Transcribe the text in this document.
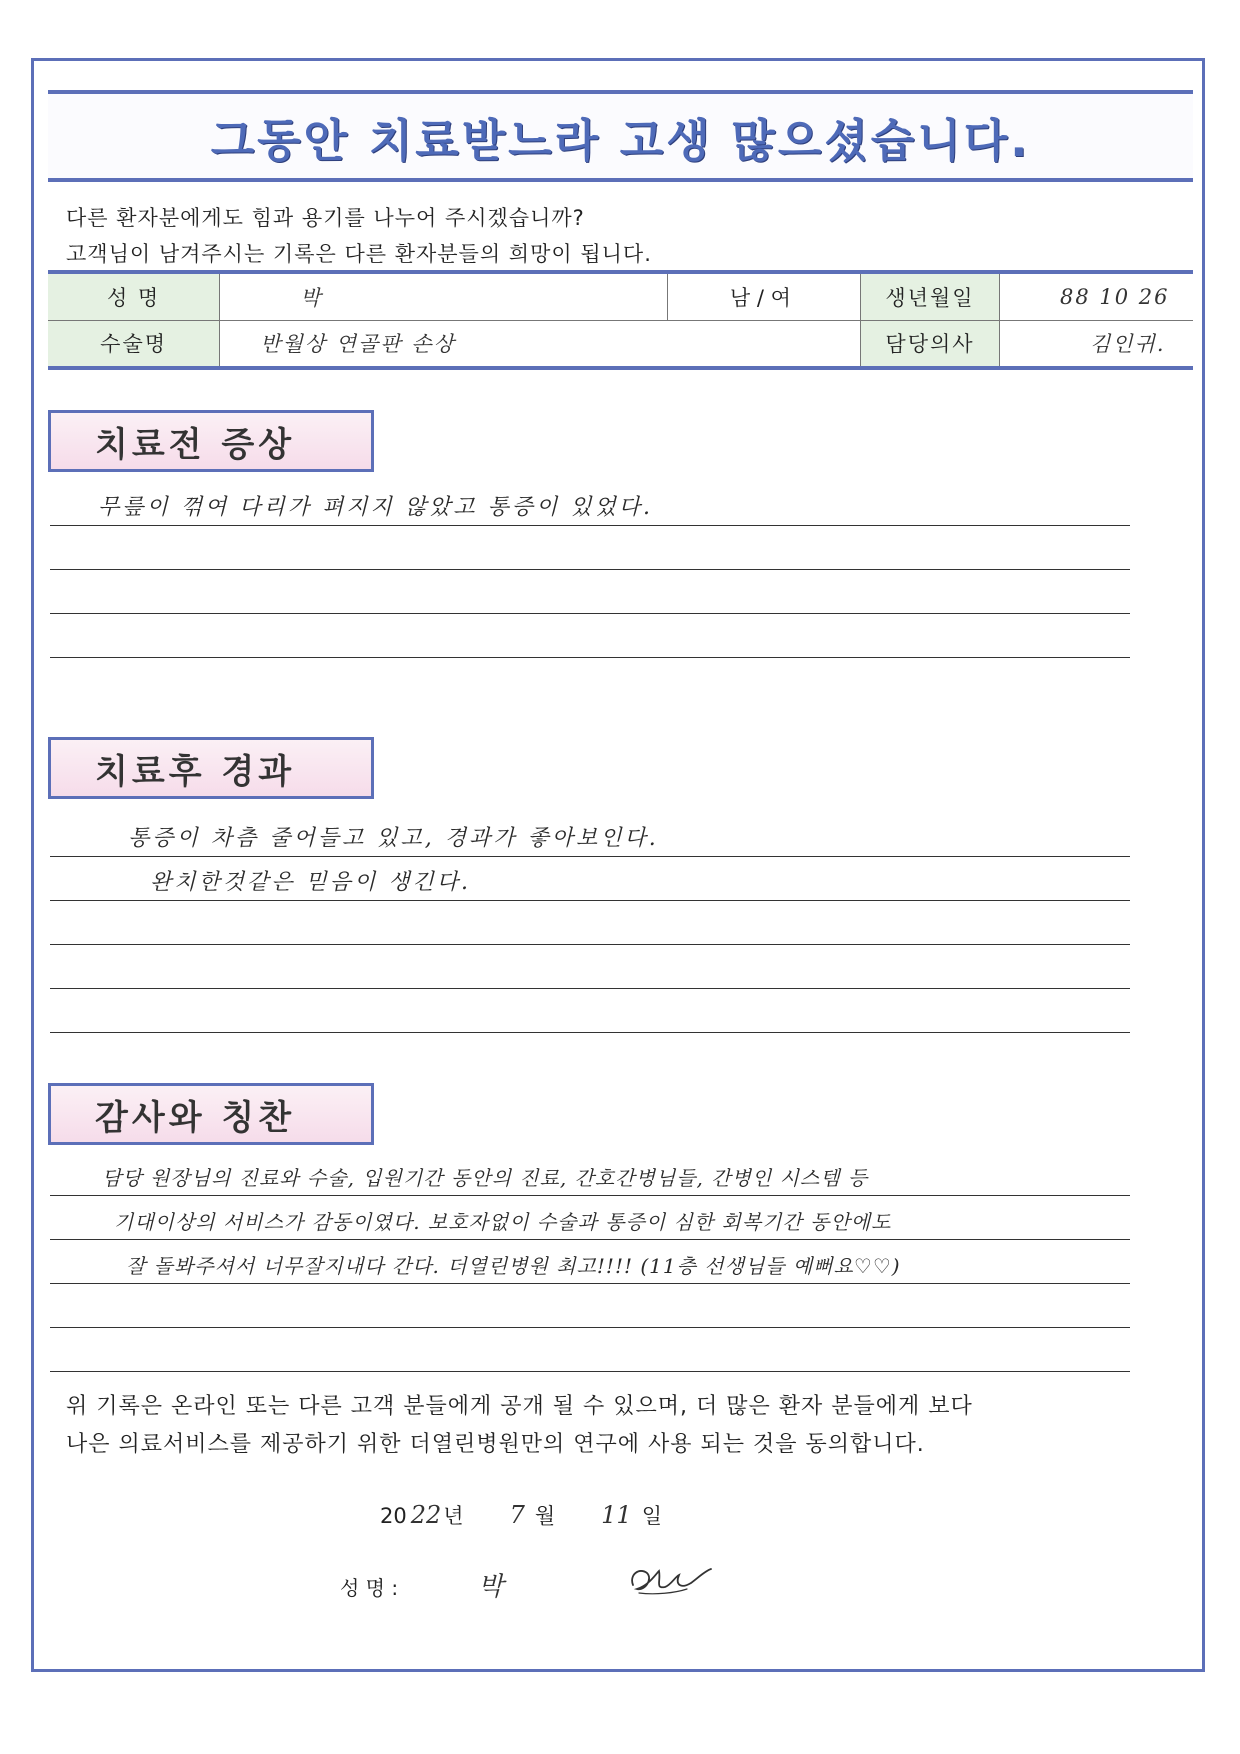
그동안 치료받느라 고생 많으셨습니다.
다른 환자분에게도 힘과 용기를 나누어 주시겠습니까?
고객님이 남겨주시는 기록은 다른 환자분들의 희망이 됩니다.
성 명	박	남 / 여	생년월일	88 10 26
수술명	반월상 연골판 손상		담당의사	김인귀.
치료전 증상
무릎이 꺾여 다리가 펴지지 않았고 통증이 있었다.
치료후 경과
통증이 차츰 줄어들고 있고, 경과가 좋아보인다.
완치한것같은 믿음이 생긴다.
감사와 칭찬
담당 원장님의 진료와 수술, 입원기간 동안의 진료, 간호간병님들, 간병인 시스템 등
기대이상의 서비스가 감동이였다. 보호자없이 수술과 통증이 심한 회복기간 동안에도
잘 돌봐주셔서 너무잘지내다 간다. 더열린병원 최고!!!! (11층 선생님들 예뻐요♡♡)
위 기록은 온라인 또는 다른 고객 분들에게 공개 될 수 있으며, 더 많은 환자 분들에게 보다
나은 의료서비스를 제공하기 위한 더열린병원만의 연구에 사용 되는 것을 동의합니다.
20 22 년 7 월 11 일
성 명 :	박
